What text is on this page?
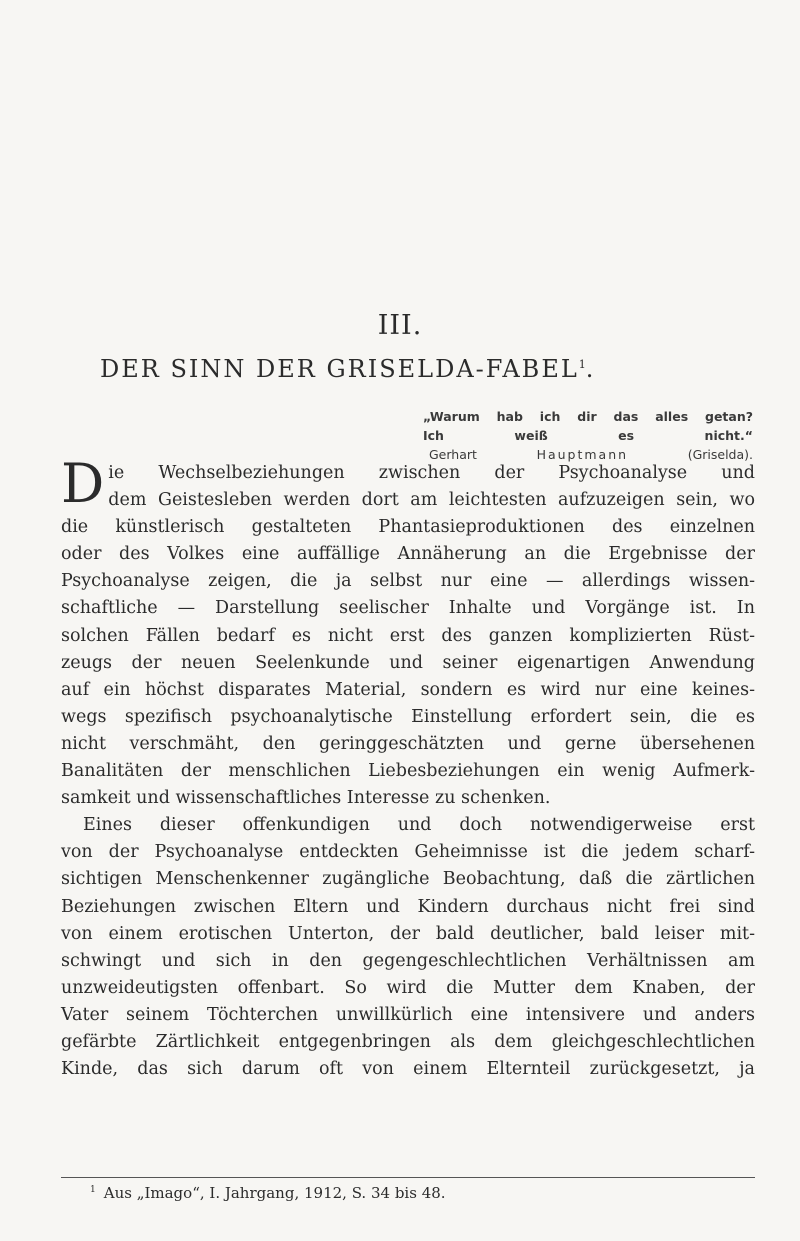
III.
DER SINN DER GRISELDA-FABEL$^1$.
„Warum hab ich dir das alles getan?
Ich weiß es nicht.“
Gerhart	Hauptmann	(Griselda).

D ie Wechselbeziehungen zwischen der Psychoanalyse und
dem Geistesleben werden dort am leichtesten aufzuzeigen sein, wo
die künstlerisch gestalteten Phantasieproduktionen des einzelnen
oder des Volkes eine auffällige Annäherung an die Ergebnisse der
Psychoanalyse zeigen, die ja selbst nur eine — allerdings wissen-
schaftliche — Darstellung seelischer Inhalte und Vorgänge ist. In
solchen Fällen bedarf es nicht erst des ganzen komplizierten Rüst-
zeugs der neuen Seelenkunde und seiner eigenartigen Anwendung
auf ein höchst disparates Material, sondern es wird nur eine keines-
wegs spezifisch psychoanalytische Einstellung erfordert sein, die es
nicht verschmäht, den geringgeschätzten und gerne übersehenen
Banalitäten der menschlichen Liebesbeziehungen ein wenig Aufmerk-
samkeit und wissenschaftliches Interesse zu schenken.

Eines dieser offenkundigen und doch notwendigerweise erst
von der Psychoanalyse entdeckten Geheimnisse ist die jedem scharf-
sichtigen Menschenkenner zugängliche Beobachtung, daß die zärtlichen
Beziehungen zwischen Eltern und Kindern durchaus nicht frei sind
von einem erotischen Unterton, der bald deutlicher, bald leiser mit-
schwingt und sich in den gegengeschlechtlichen Verhältnissen am
unzweideutigsten offenbart. So wird die Mutter dem Knaben, der
Vater seinem Töchterchen unwillkürlich eine intensivere und anders
gefärbte Zärtlichkeit entgegenbringen als dem gleichgeschlechtlichen
Kinde, das sich darum oft von einem Elternteil zurückgesetzt, ja

$^1$ Aus „Imago“, I. Jahrgang, 1912, S. 34 bis 48.
